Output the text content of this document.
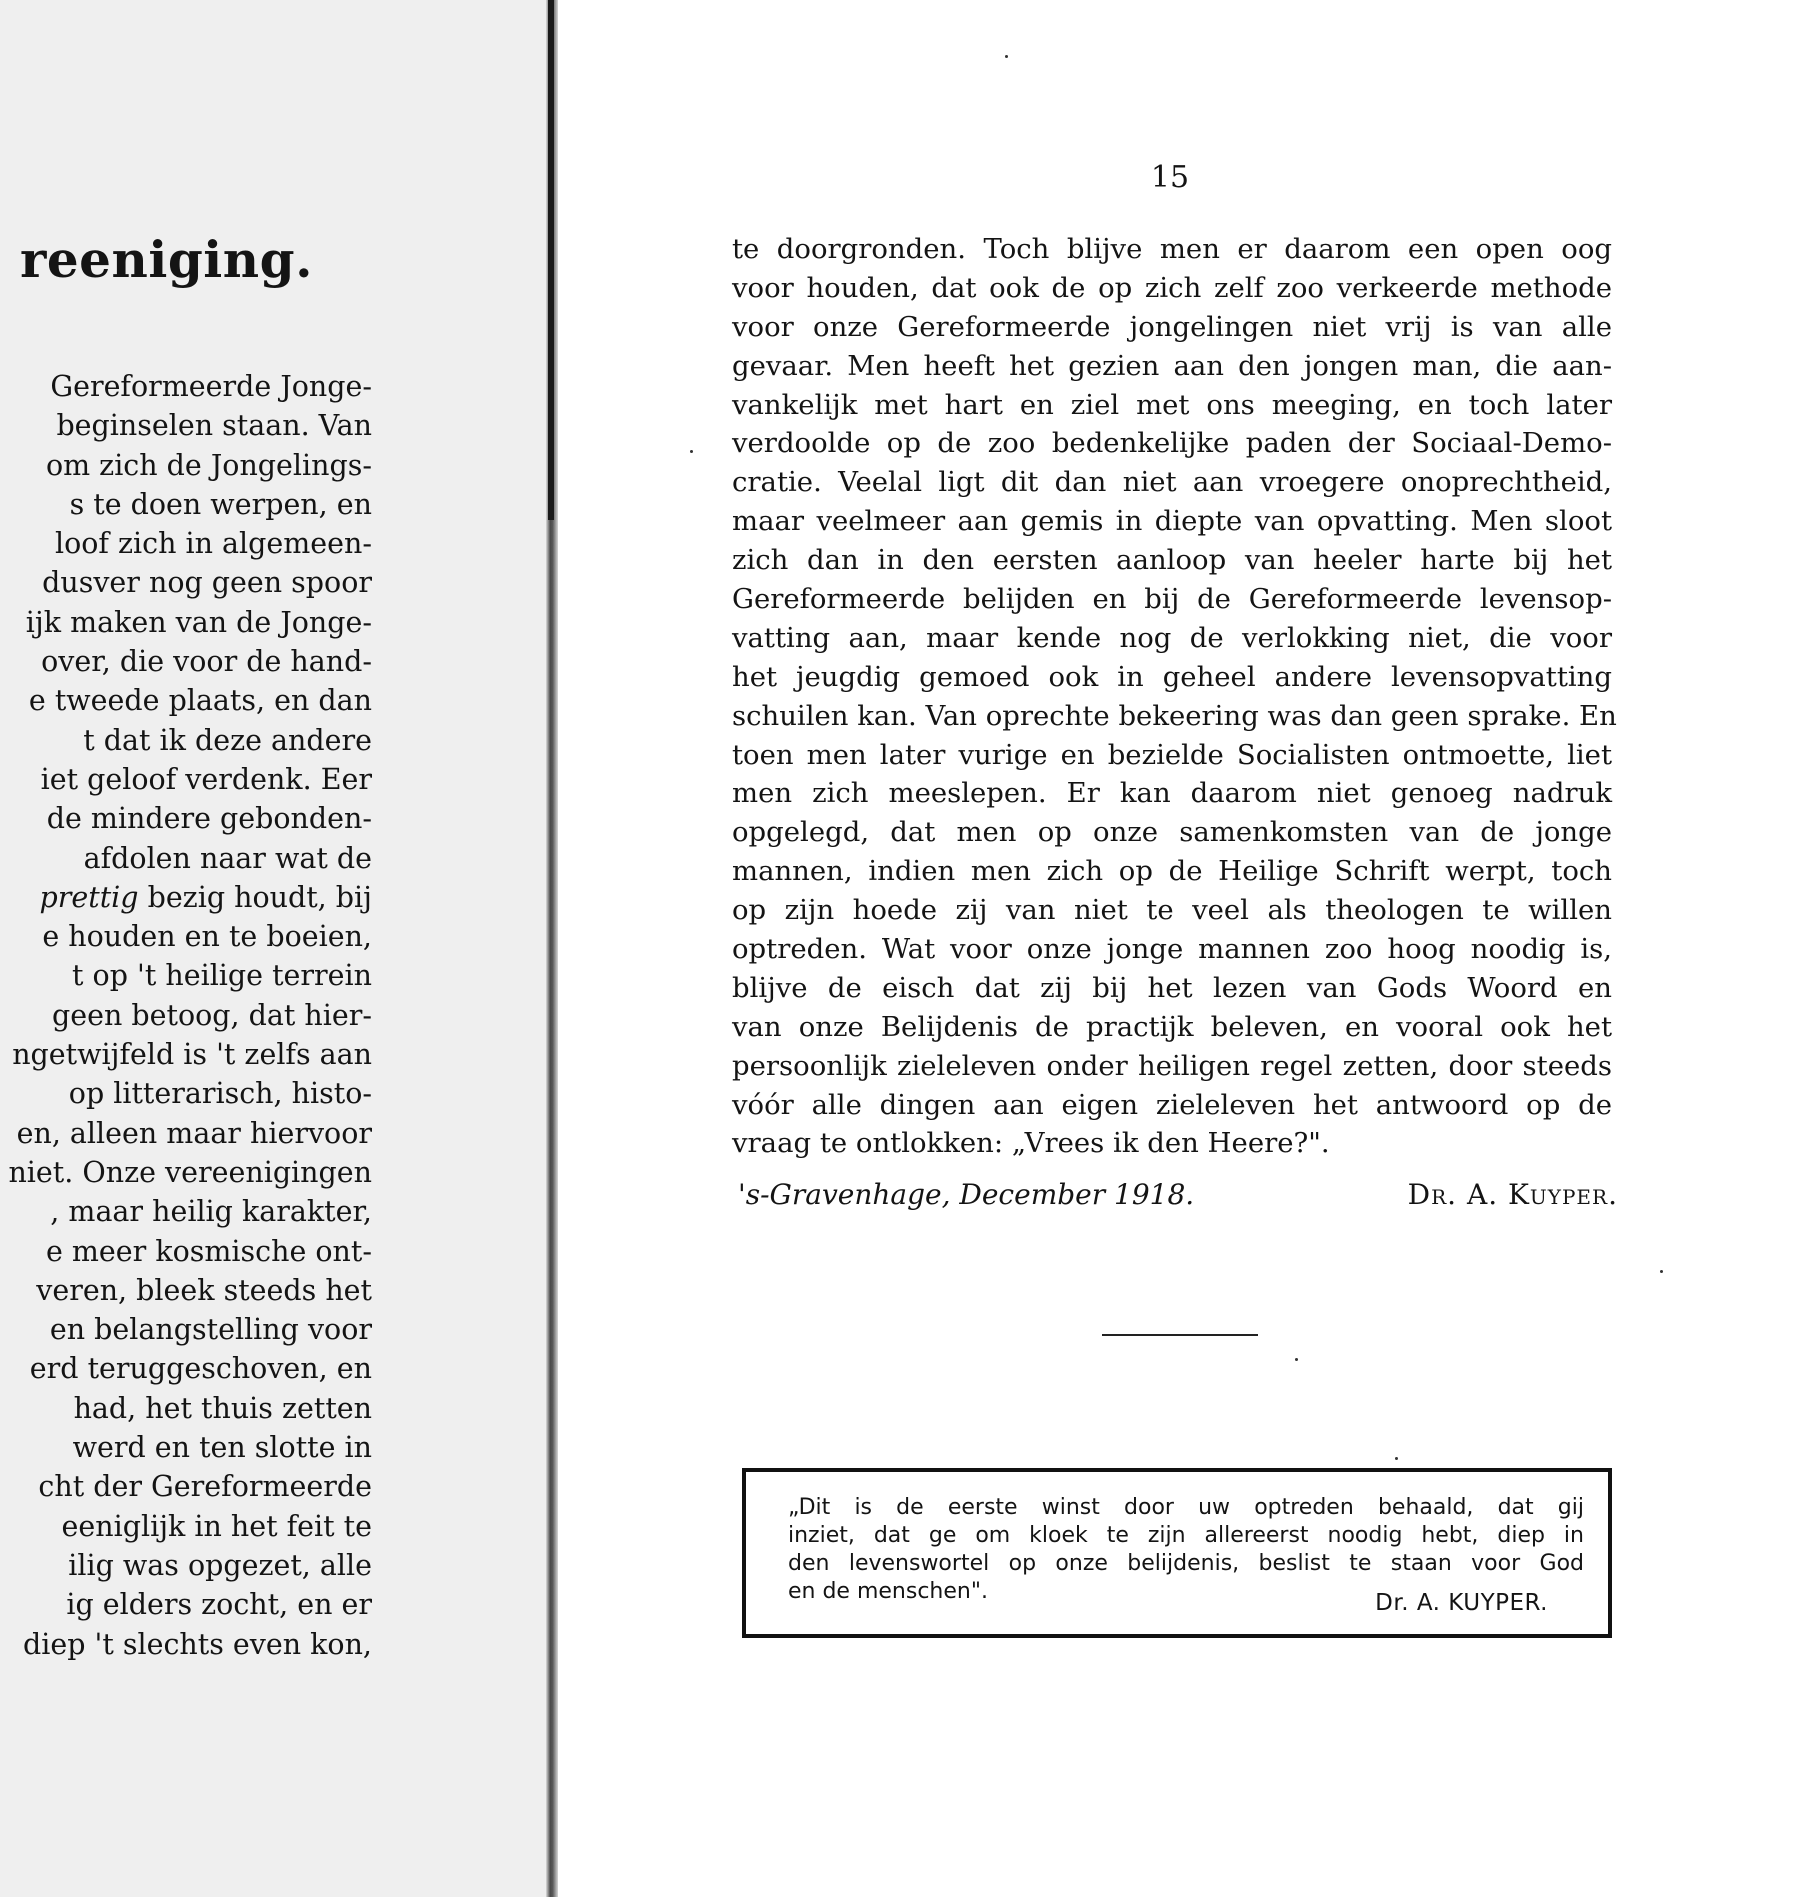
reeniging.
Gereformeerde Jonge-
beginselen staan. Van
om zich de Jongelings-
s te doen werpen, en
loof zich in algemeen-
dusver nog geen spoor
ijk maken van de Jonge-
over, die voor de hand-
e tweede plaats, en dan
t dat ik deze andere
iet geloof verdenk. Eer
de mindere gebonden-
afdolen naar wat de
prettig bezig houdt, bij
e houden en te boeien,
t op 't heilige terrein
geen betoog, dat hier-
ngetwijfeld is 't zelfs aan
op litterarisch, histo-
en, alleen maar hiervoor
niet. Onze vereenigingen
, maar heilig karakter,
e meer kosmische ont-
veren, bleek steeds het
en belangstelling voor
erd teruggeschoven, en
had, het thuis zetten
werd en ten slotte in
cht der Gereformeerde
eeniglijk in het feit te
ilig was opgezet, alle
ig elders zocht, en er
diep 't slechts even kon,

15

te doorgronden. Toch blijve men er daarom een open oog
voor houden, dat ook de op zich zelf zoo verkeerde methode
voor onze Gereformeerde jongelingen niet vrij is van alle
gevaar. Men heeft het gezien aan den jongen man, die aan-
vankelijk met hart en ziel met ons meeging, en toch later
verdoolde op de zoo bedenkelijke paden der Sociaal-Demo-
cratie. Veelal ligt dit dan niet aan vroegere onoprechtheid,
maar veelmeer aan gemis in diepte van opvatting. Men sloot
zich dan in den eersten aanloop van heeler harte bij het
Gereformeerde belijden en bij de Gereformeerde levensop-
vatting aan, maar kende nog de verlokking niet, die voor
het jeugdig gemoed ook in geheel andere levensopvatting
schuilen kan. Van oprechte bekeering was dan geen sprake. En
toen men later vurige en bezielde Socialisten ontmoette, liet
men zich meeslepen. Er kan daarom niet genoeg nadruk
opgelegd, dat men op onze samenkomsten van de jonge
mannen, indien men zich op de Heilige Schrift werpt, toch
op zijn hoede zij van niet te veel als theologen te willen
optreden. Wat voor onze jonge mannen zoo hoog noodig is,
blijve de eisch dat zij bij het lezen van Gods Woord en
van onze Belijdenis de practijk beleven, en vooral ook het
persoonlijk zieleleven onder heiligen regel zetten, door steeds
vóór alle dingen aan eigen zieleleven het antwoord op de
vraag te ontlokken: „Vrees ik den Heere?".
's-Gravenhage, December 1918.	Dr. A. Kuyper.
„Dit is de eerste winst door uw optreden behaald, dat gij
inziet, dat ge om kloek te zijn allereerst noodig hebt, diep in
den levenswortel op onze belijdenis, beslist te staan voor God
en de menschen".	Dr. A. KUYPER.
